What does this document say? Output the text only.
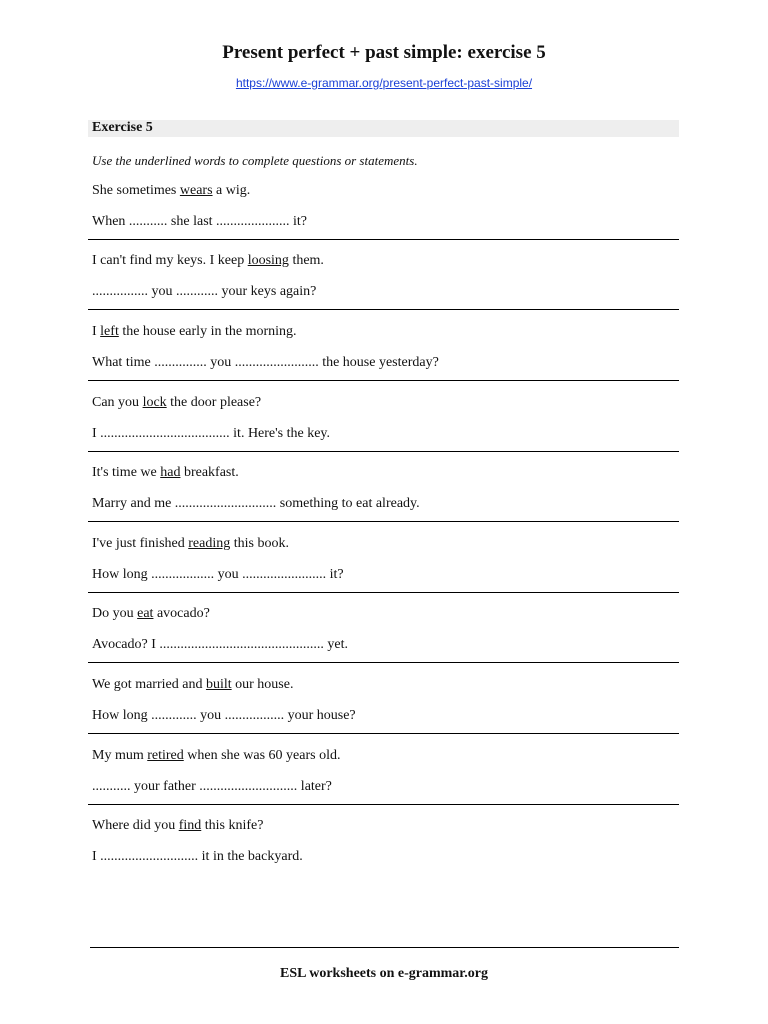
Present perfect + past simple: exercise 5
https://www.e-grammar.org/present-perfect-past-simple/
Exercise 5
Use the underlined words to complete questions or statements.
She sometimes wears a wig.
When ........... she last ..................... it?
I can't find my keys. I keep loosing them.
................ you ............ your keys again?
I left the house early in the morning.
What time ............... you ........................ the house yesterday?
Can you lock the door please?
I ..................................... it. Here's the key.
It's time we had breakfast.
Marry and me ............................. something to eat already.
I've just finished reading this book.
How long .................. you ........................ it?
Do you eat avocado?
Avocado? I ............................................... yet.
We got married and built our house.
How long ............. you ................. your house?
My mum retired when she was 60 years old.
........... your father ............................ later?
Where did you find this knife?
I ............................ it in the backyard.
ESL worksheets on e-grammar.org
